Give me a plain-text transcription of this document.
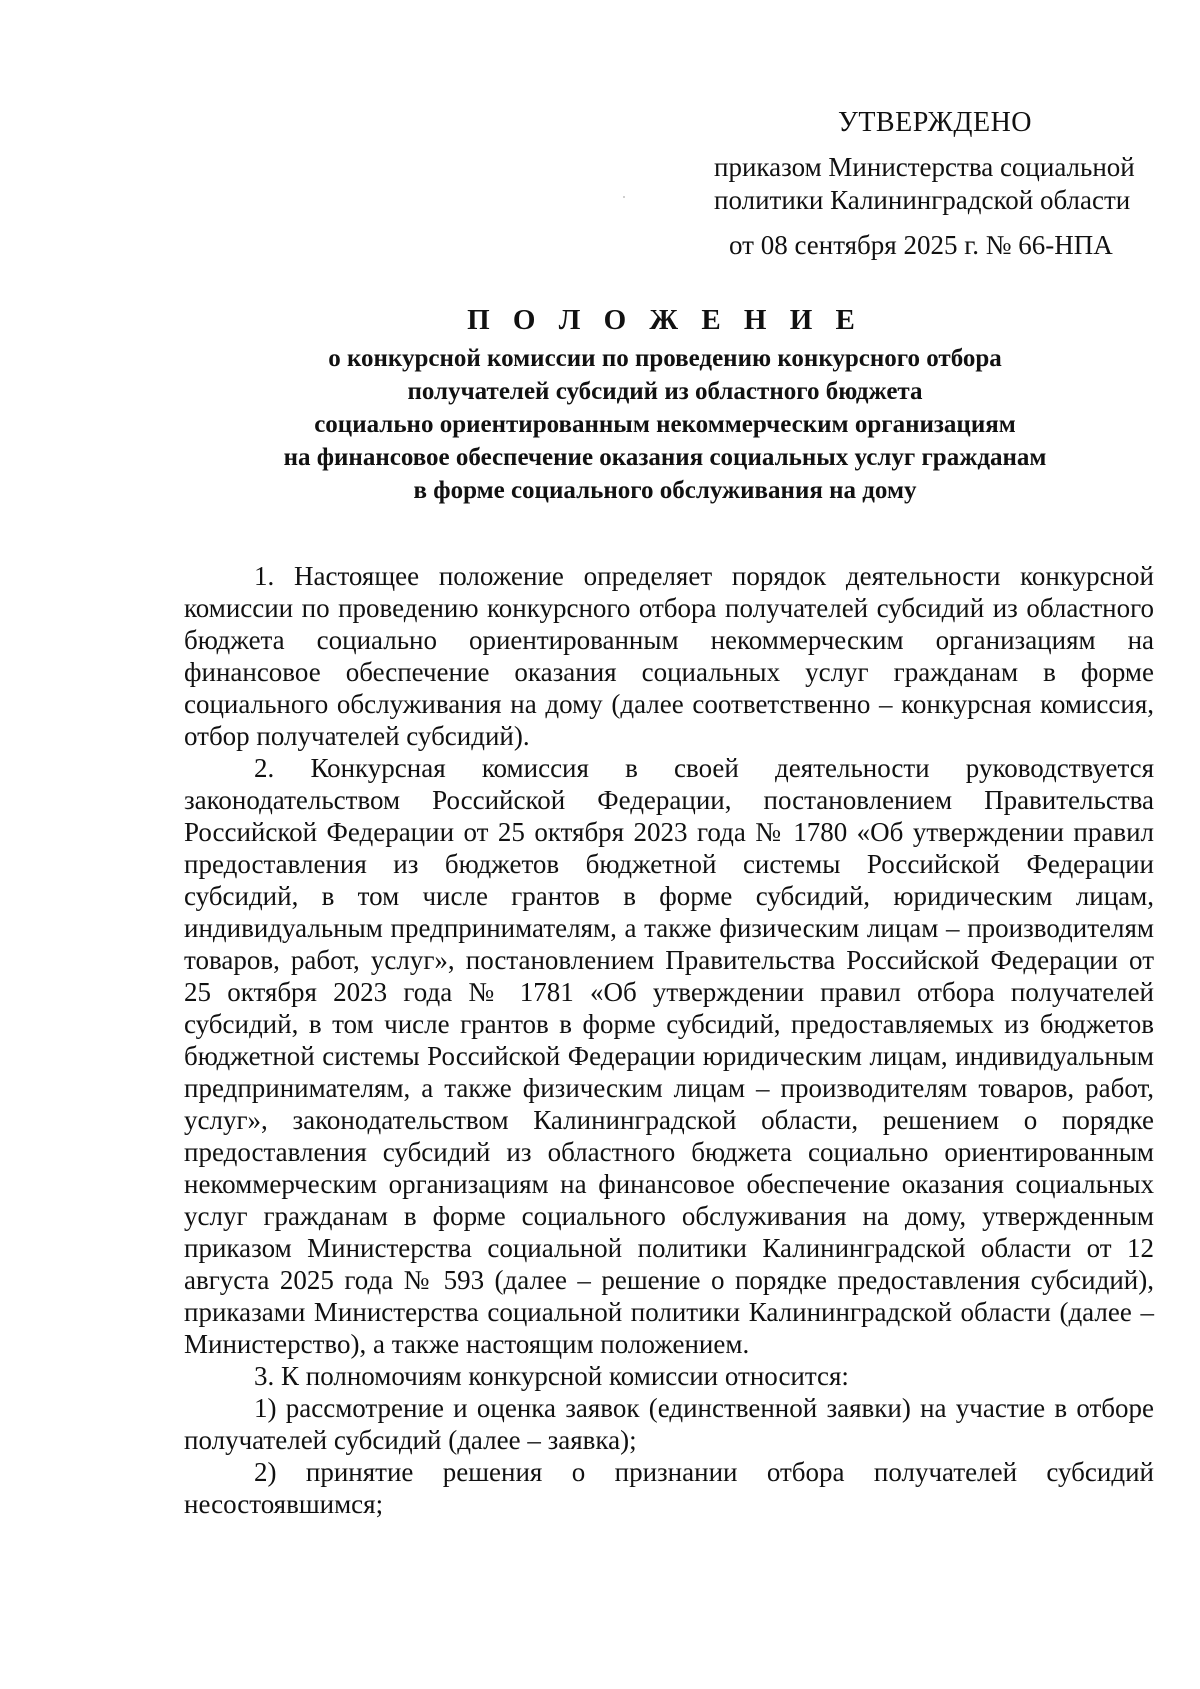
УТВЕРЖДЕНО
приказом Министерства социальной
политики Калининградской области
от 08 сентября 2025 г. № 66-НПА
П О Л О Ж Е Н И Е
о конкурсной комиссии по проведению конкурсного отбора
получателей субсидий из областного бюджета
социально ориентированным некоммерческим организациям
на финансовое обеспечение оказания социальных услуг гражданам
в форме социального обслуживания на дому

1. Настоящее положение определяет порядок деятельности конкурсной комиссии по проведению конкурсного отбора получателей субсидий из областного бюджета социально ориентированным некоммерческим организациям на финансовое обеспечение оказания социальных услуг гражданам в форме социального обслуживания на дому (далее соответственно – конкурсная комиссия, отбор получателей субсидий).

2. Конкурсная комиссия в своей деятельности руководствуется законодательством Российской Федерации, постановлением Правительства Российской Федерации от 25 октября 2023 года № 1780 «Об утверждении правил предоставления из бюджетов бюджетной системы Российской Федерации субсидий, в том числе грантов в форме субсидий, юридическим лицам, индивидуальным предпринимателям, а также физическим лицам – производителям товаров, работ, услуг», постановлением Правительства Российской Федерации от 25 октября 2023 года № 1781 «Об утверждении правил отбора получателей субсидий, в том числе грантов в форме субсидий, предоставляемых из бюджетов бюджетной системы Российской Федерации юридическим лицам, индивидуальным предпринимателям, а также физическим лицам – производителям товаров, работ, услуг», законодательством Калининградской области, решением о порядке предоставления субсидий из областного бюджета социально ориентированным некоммерческим организациям на финансовое обеспечение оказания социальных услуг гражданам в форме социального обслуживания на дому, утвержденным приказом Министерства социальной политики Калининградской области от 12 августа 2025 года № 593 (далее – решение о порядке предоставления субсидий), приказами Министерства социальной политики Калининградской области (далее – Министерство), а также настоящим положением.

3. К полномочиям конкурсной комиссии относится:

1) рассмотрение и оценка заявок (единственной заявки) на участие в отборе получателей субсидий (далее – заявка);

2) принятие решения о признании отбора получателей субсидий несостоявшимся;
